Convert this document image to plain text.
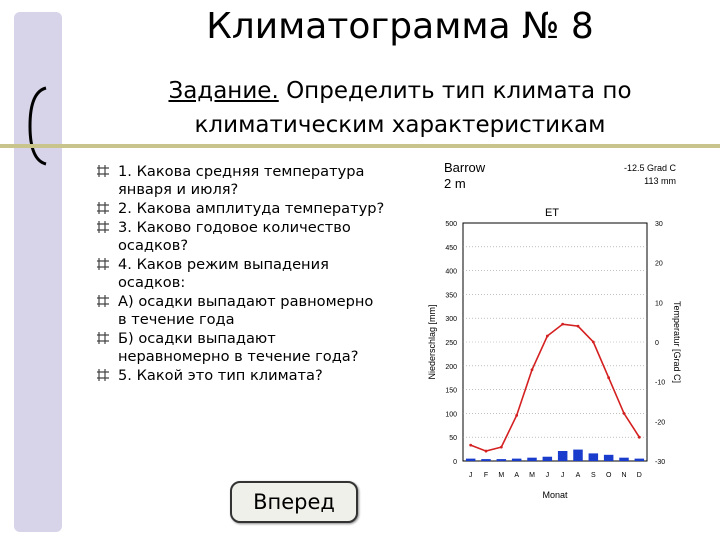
Климатограмма № 8
Задание. Определить тип климата по климатическим характеристикам
1. Какова средняя температура января и июля?
2. Какова амплитуда температур?
3. Каково годовое количество осадков?
4. Каков режим выпадения осадков:
А) осадки выпадают равномерно в течение года
Б) осадки выпадают неравномерно в течение года?
5. Какой это тип климата?
Barrow
2 m
-12.5 Grad C
113 mm
ET
0
50
100
150
200
250
300
350
400
450
500
-30
-20
-10
0
10
20
30
J F M A M J J A S O N D
Niederschlag [mm]	Temperatur [Grad C]
Monat
Вперед
